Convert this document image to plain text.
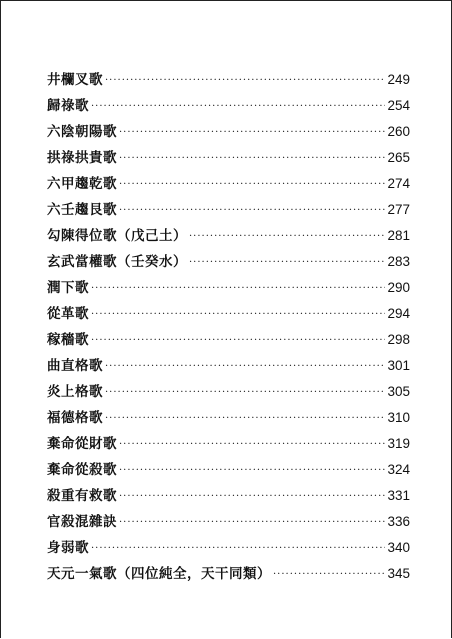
井欄叉歌 ·····	249
歸祿歌 ·····	254
六陰朝陽歌 ·····	260
拱祿拱貴歌 ·····	265
六甲趨乾歌 ·····	274
六壬趨艮歌 ·····	277
勾陳得位歌（戊己土） ·····	281
玄武當權歌（壬癸水） ·····	283
潤下歌 ·····	290
從革歌 ·····	294
稼穡歌 ·····	298
曲直格歌 ·····	301
炎上格歌 ·····	305
福德格歌 ·····	310
棄命從財歌 ·····	319
棄命從殺歌 ·····	324
殺重有救歌 ·····	331
官殺混雜訣 ·····	336
身弱歌 ·····	340
天元一氣歌（四位純全，天干同類） ·····	345
